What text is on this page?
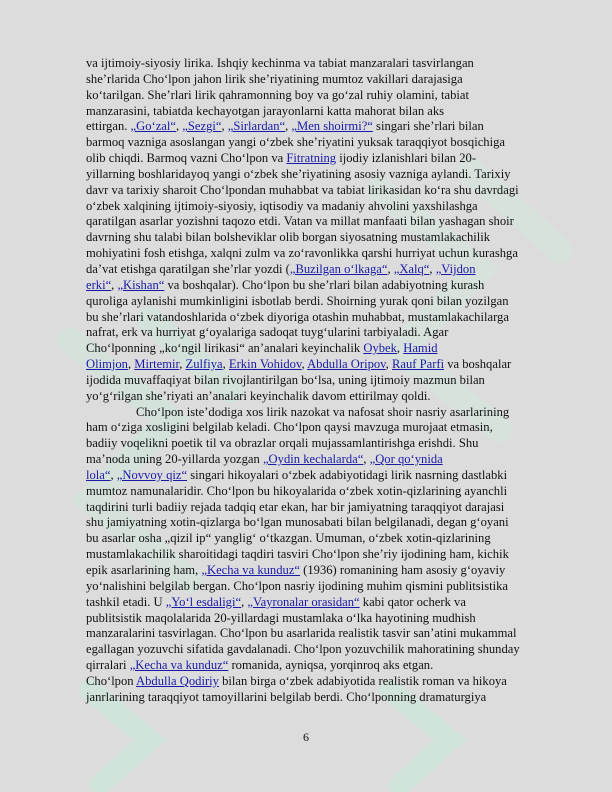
va ijtimoiy-siyosiy lirika. Ishqiy kechinma va tabiat manzaralari tasvirlangan
she’rlarida Cho‘lpon jahon lirik she’riyatining mumtoz vakillari darajasiga
ko‘tarilgan. She’rlari lirik qahramonning boy va go‘zal ruhiy olamini, tabiat
manzarasini, tabiatda kechayotgan jarayonlarni katta mahorat bilan aks
ettirgan. „Go‘zal“, „Sezgi“, „Sirlardan“, „Men shoirmi?“ singari she’rlari bilan
barmoq vazniga asoslangan yangi o‘zbek she’riyatini yuksak taraqqiyot bosqichiga
olib chiqdi. Barmoq vazni Cho‘lpon va Fitratning ijodiy izlanishlari bilan 20-
yillarning boshlaridayoq yangi o‘zbek she’riyatining asosiy vazniga aylandi. Tarixiy
davr va tarixiy sharoit Cho‘lpondan muhabbat va tabiat lirikasidan ko‘ra shu davrdagi
o‘zbek xalqining ijtimoiy-siyosiy, iqtisodiy va madaniy ahvolini yaxshilashga
qaratilgan asarlar yozishni taqozo etdi. Vatan va millat manfaati bilan yashagan shoir
davrning shu talabi bilan bolsheviklar olib borgan siyosatning mustamlakachilik
mohiyatini fosh etishga, xalqni zulm va zo‘ravonlikka qarshi hurriyat uchun kurashga
da’vat etishga qaratilgan she’rlar yozdi („Buzilgan o‘lkaga“, „Xalq“, „Vijdon
erki“, „Kishan“ va boshqalar). Cho‘lpon bu she’rlari bilan adabiyotning kurash
quroliga aylanishi mumkinligini isbotlab berdi. Shoirning yurak qoni bilan yozilgan
bu she’rlari vatandoshlarida o‘zbek diyoriga otashin muhabbat, mustamlakachilarga
nafrat, erk va hurriyat g‘oyalariga sadoqat tuyg‘ularini tarbiyaladi. Agar
Cho‘lponning „ko‘ngil lirikasi“ an’analari keyinchalik Oybek, Hamid
Olimjon, Mirtemir, Zulfiya, Erkin Vohidov, Abdulla Oripov, Rauf Parfi va boshqalar
ijodida muvaffaqiyat bilan rivojlantirilgan bo‘lsa, uning ijtimoiy mazmun bilan
yo‘g‘rilgan she’riyati an’analari keyinchalik davom ettirilmay qoldi.
Cho‘lpon iste’dodiga xos lirik nazokat va nafosat shoir nasriy asarlarining
ham o‘ziga xosligini belgilab keladi. Cho‘lpon qaysi mavzuga murojaat etmasin,
badiiy voqelikni poetik til va obrazlar orqali mujassamlantirishga erishdi. Shu
ma’noda uning 20-yillarda yozgan „Oydin kechalarda“, „Qor qo‘ynida
lola“, „Novvoy qiz“ singari hikoyalari o‘zbek adabiyotidagi lirik nasrning dastlabki
mumtoz namunalaridir. Cho‘lpon bu hikoyalarida o‘zbek xotin-qizlarining ayanchli
taqdirini turli badiiy rejada tadqiq etar ekan, har bir jamiyatning taraqqiyot darajasi
shu jamiyatning xotin-qizlarga bo‘lgan munosabati bilan belgilanadi, degan g‘oyani
bu asarlar osha „qizil ip“ yanglig‘ o‘tkazgan. Umuman, o‘zbek xotin-qizlarining
mustamlakachilik sharoitidagi taqdiri tasviri Cho‘lpon she’riy ijodining ham, kichik
epik asarlarining ham, „Kecha va kunduz“ (1936) romanining ham asosiy g‘oyaviy
yo‘nalishini belgilab bergan. Cho‘lpon nasriy ijodining muhim qismini publitsistika
tashkil etadi. U „Yo‘l esdaligi“, „Vayronalar orasidan“ kabi qator ocherk va
publitsistik maqolalarida 20-yillardagi mustamlaka o‘lka hayotining mudhish
manzaralarini tasvirlagan. Cho‘lpon bu asarlarida realistik tasvir san’atini mukammal
egallagan yozuvchi sifatida gavdalanadi. Cho‘lpon yozuvchilik mahoratining shunday
qirralari „Kecha va kunduz“ romanida, ayniqsa, yorqinroq aks etgan.
Cho‘lpon Abdulla Qodiriy bilan birga o‘zbek adabiyotida realistik roman va hikoya
janrlarining taraqqiyot tamoyillarini belgilab berdi. Cho‘lponning dramaturgiya
6
